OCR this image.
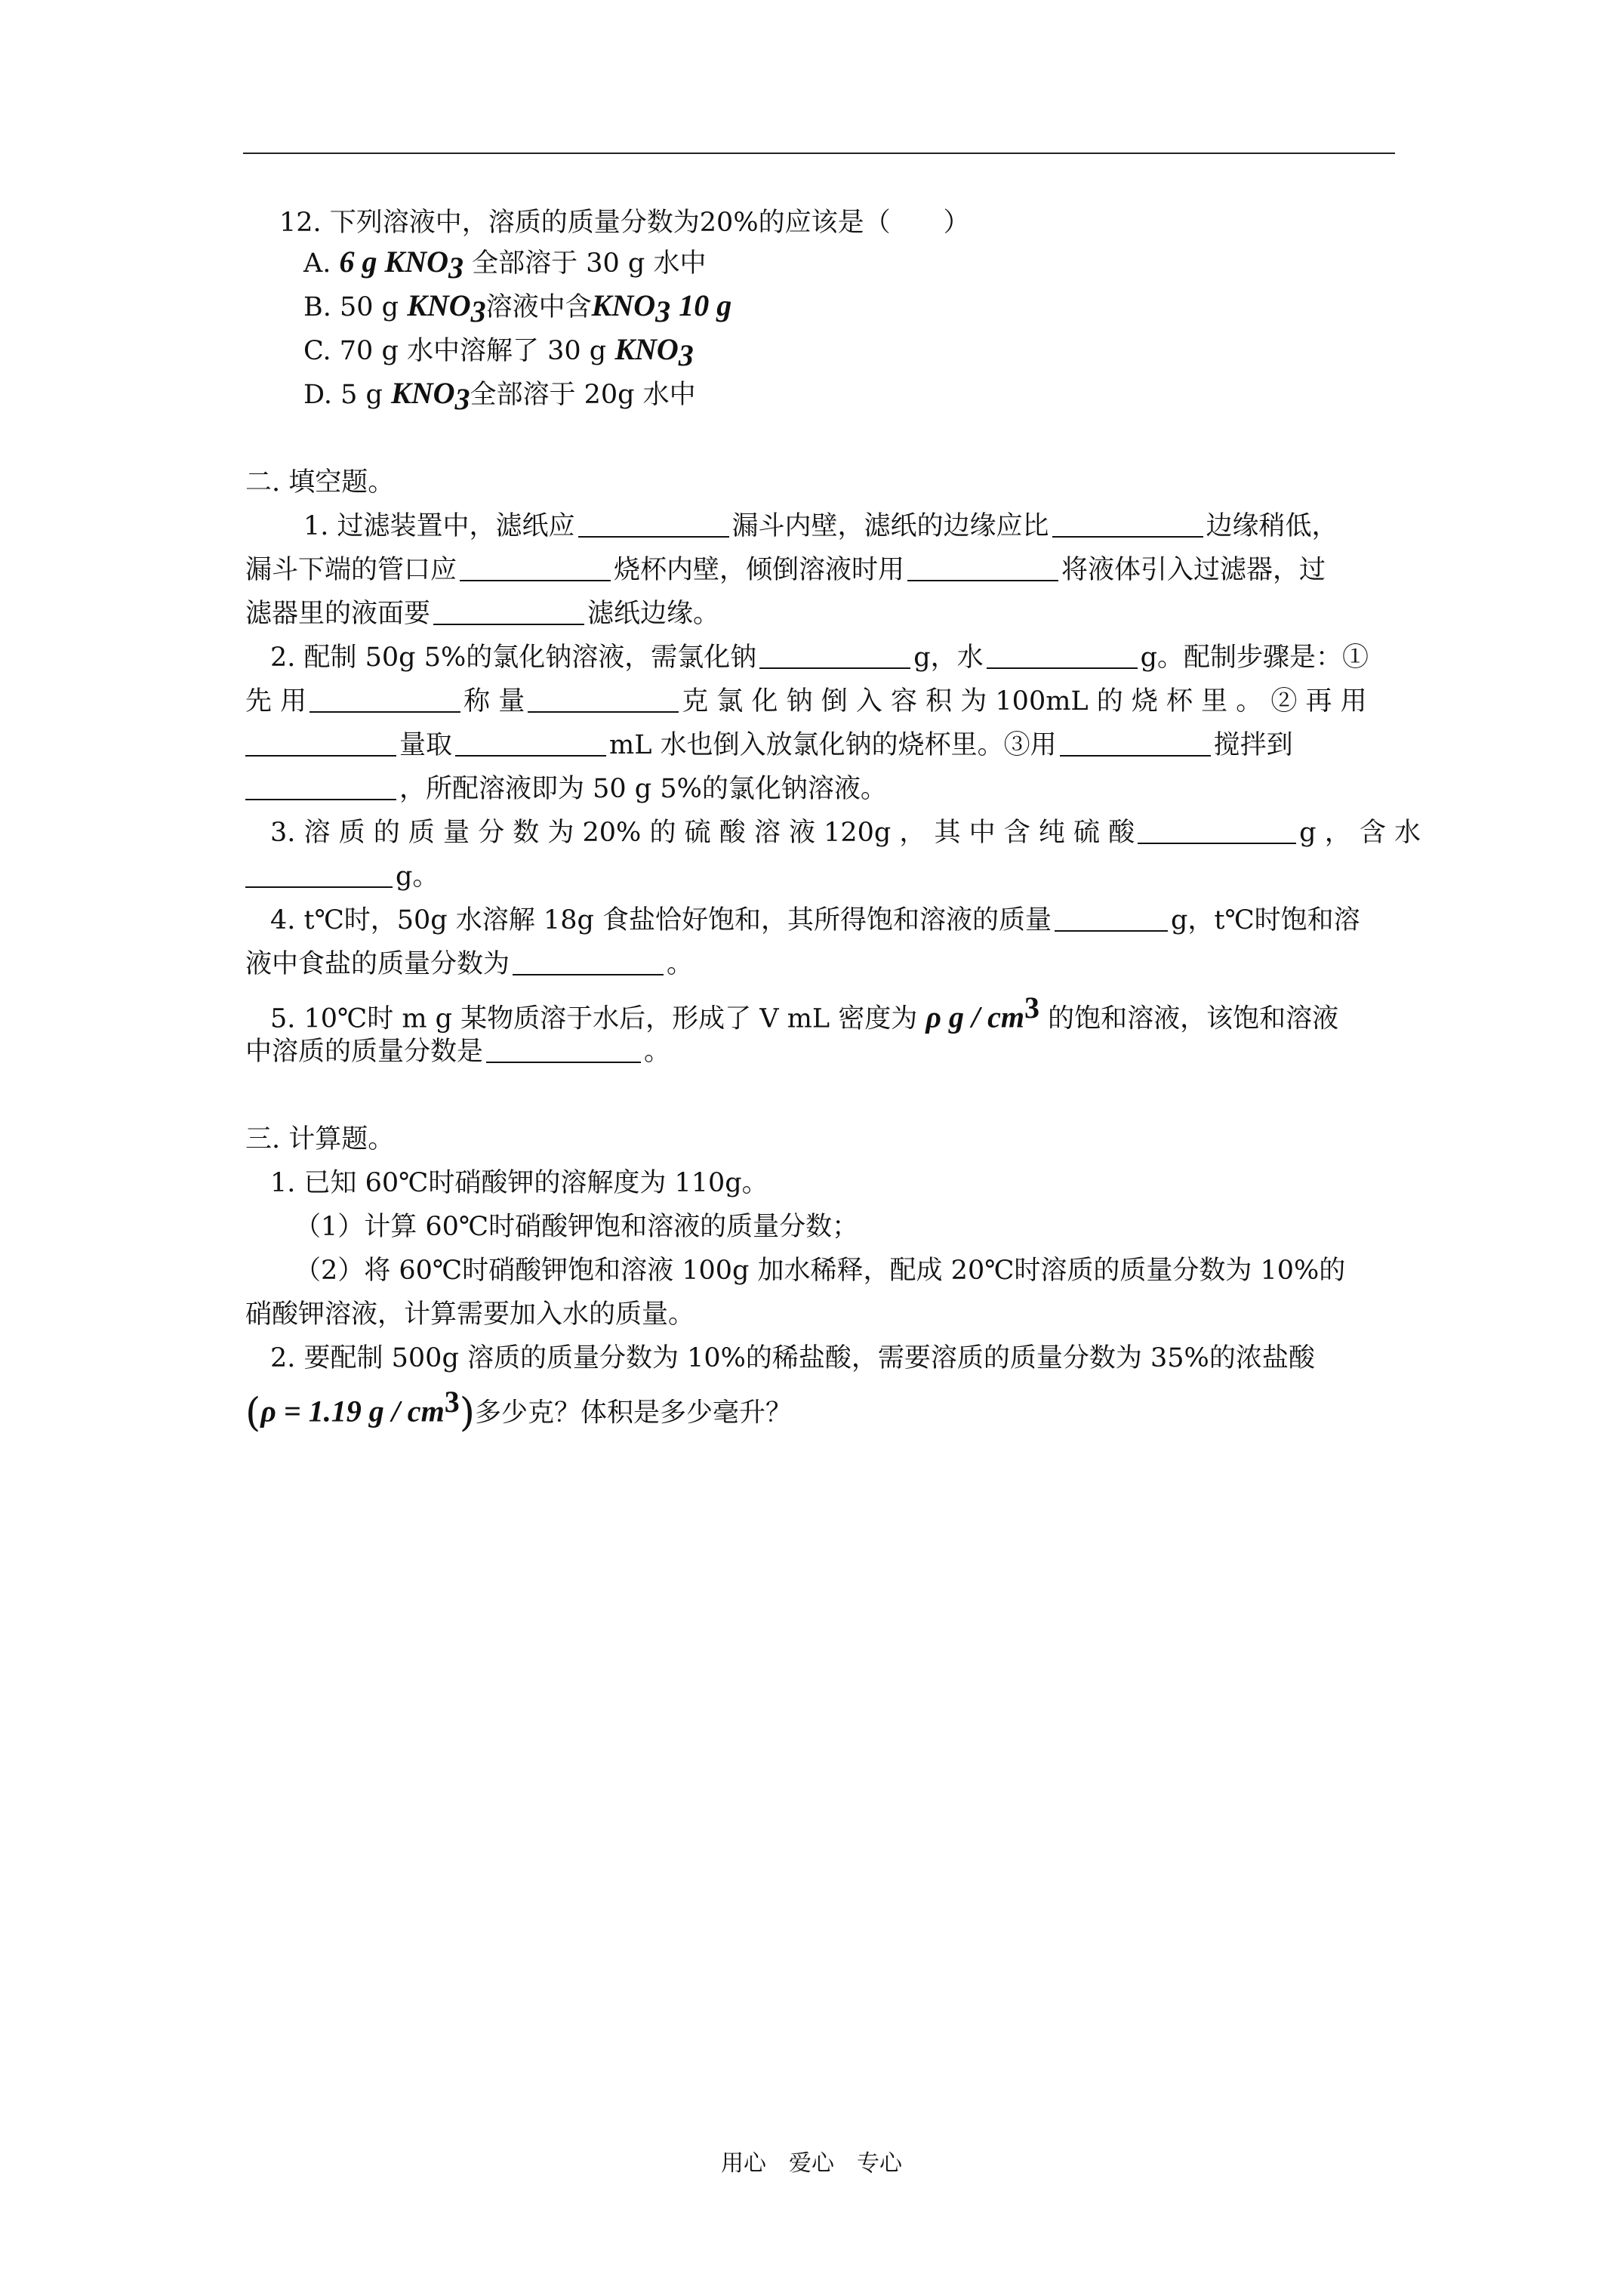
12. 下列溶液中，溶质的质量分数为20%的应该是（　　）
A. 6 g $KNO_3$ 全部溶于 30 g 水中
B. 50 g $KNO_3$溶液中含$KNO_3$ 10 g
C. 70 g 水中溶解了 30 g $KNO_3$
D. 5 g $KNO_3$全部溶于 20g 水中
二. 填空题。
1. 过滤装置中，滤纸应	漏斗内壁，滤纸的边缘应比	边缘稍低，
漏斗下端的管口应	烧杯内壁，倾倒溶液时用	将液体引入过滤器，过
滤器里的液面要	滤纸边缘。
2. 配制 50g 5%的氯化钠溶液，需氯化钠	g，水	g。配制步骤是：①
先 用	称 量	克 氯 化 钠 倒 入 容 积 为 100mL 的 烧 杯 里 。 ② 再 用
量取	mL 水也倒入放氯化钠的烧杯里。③用	搅拌到
，所配溶液即为 50 g 5%的氯化钠溶液。
3. 溶 质 的 质 量 分 数 为 20% 的 硫 酸 溶 液 120g ， 其 中 含 纯 硫 酸	g ， 含 水
g。
4. t℃时，50g 水溶解 18g 食盐恰好饱和，其所得饱和溶液的质量	g，t℃时饱和溶
液中食盐的质量分数为	。
5. 10℃时 m g 某物质溶于水后，形成了 V mL 密度为 ρ g / $cm^3$ 的饱和溶液，该饱和溶液
中溶质的质量分数是	。
三. 计算题。
1. 已知 60℃时硝酸钾的溶解度为 110g。
（1）计算 60℃时硝酸钾饱和溶液的质量分数；
（2）将 60℃时硝酸钾饱和溶液 100g 加水稀释，配成 20℃时溶质的质量分数为 10%的
硝酸钾溶液，计算需要加入水的质量。
2. 要配制 500g 溶质的质量分数为 10%的稀盐酸，需要溶质的质量分数为 35%的浓盐酸
(ρ = 1.19 g / $cm^3$)多少克？体积是多少毫升？
用心　爱心　专心
